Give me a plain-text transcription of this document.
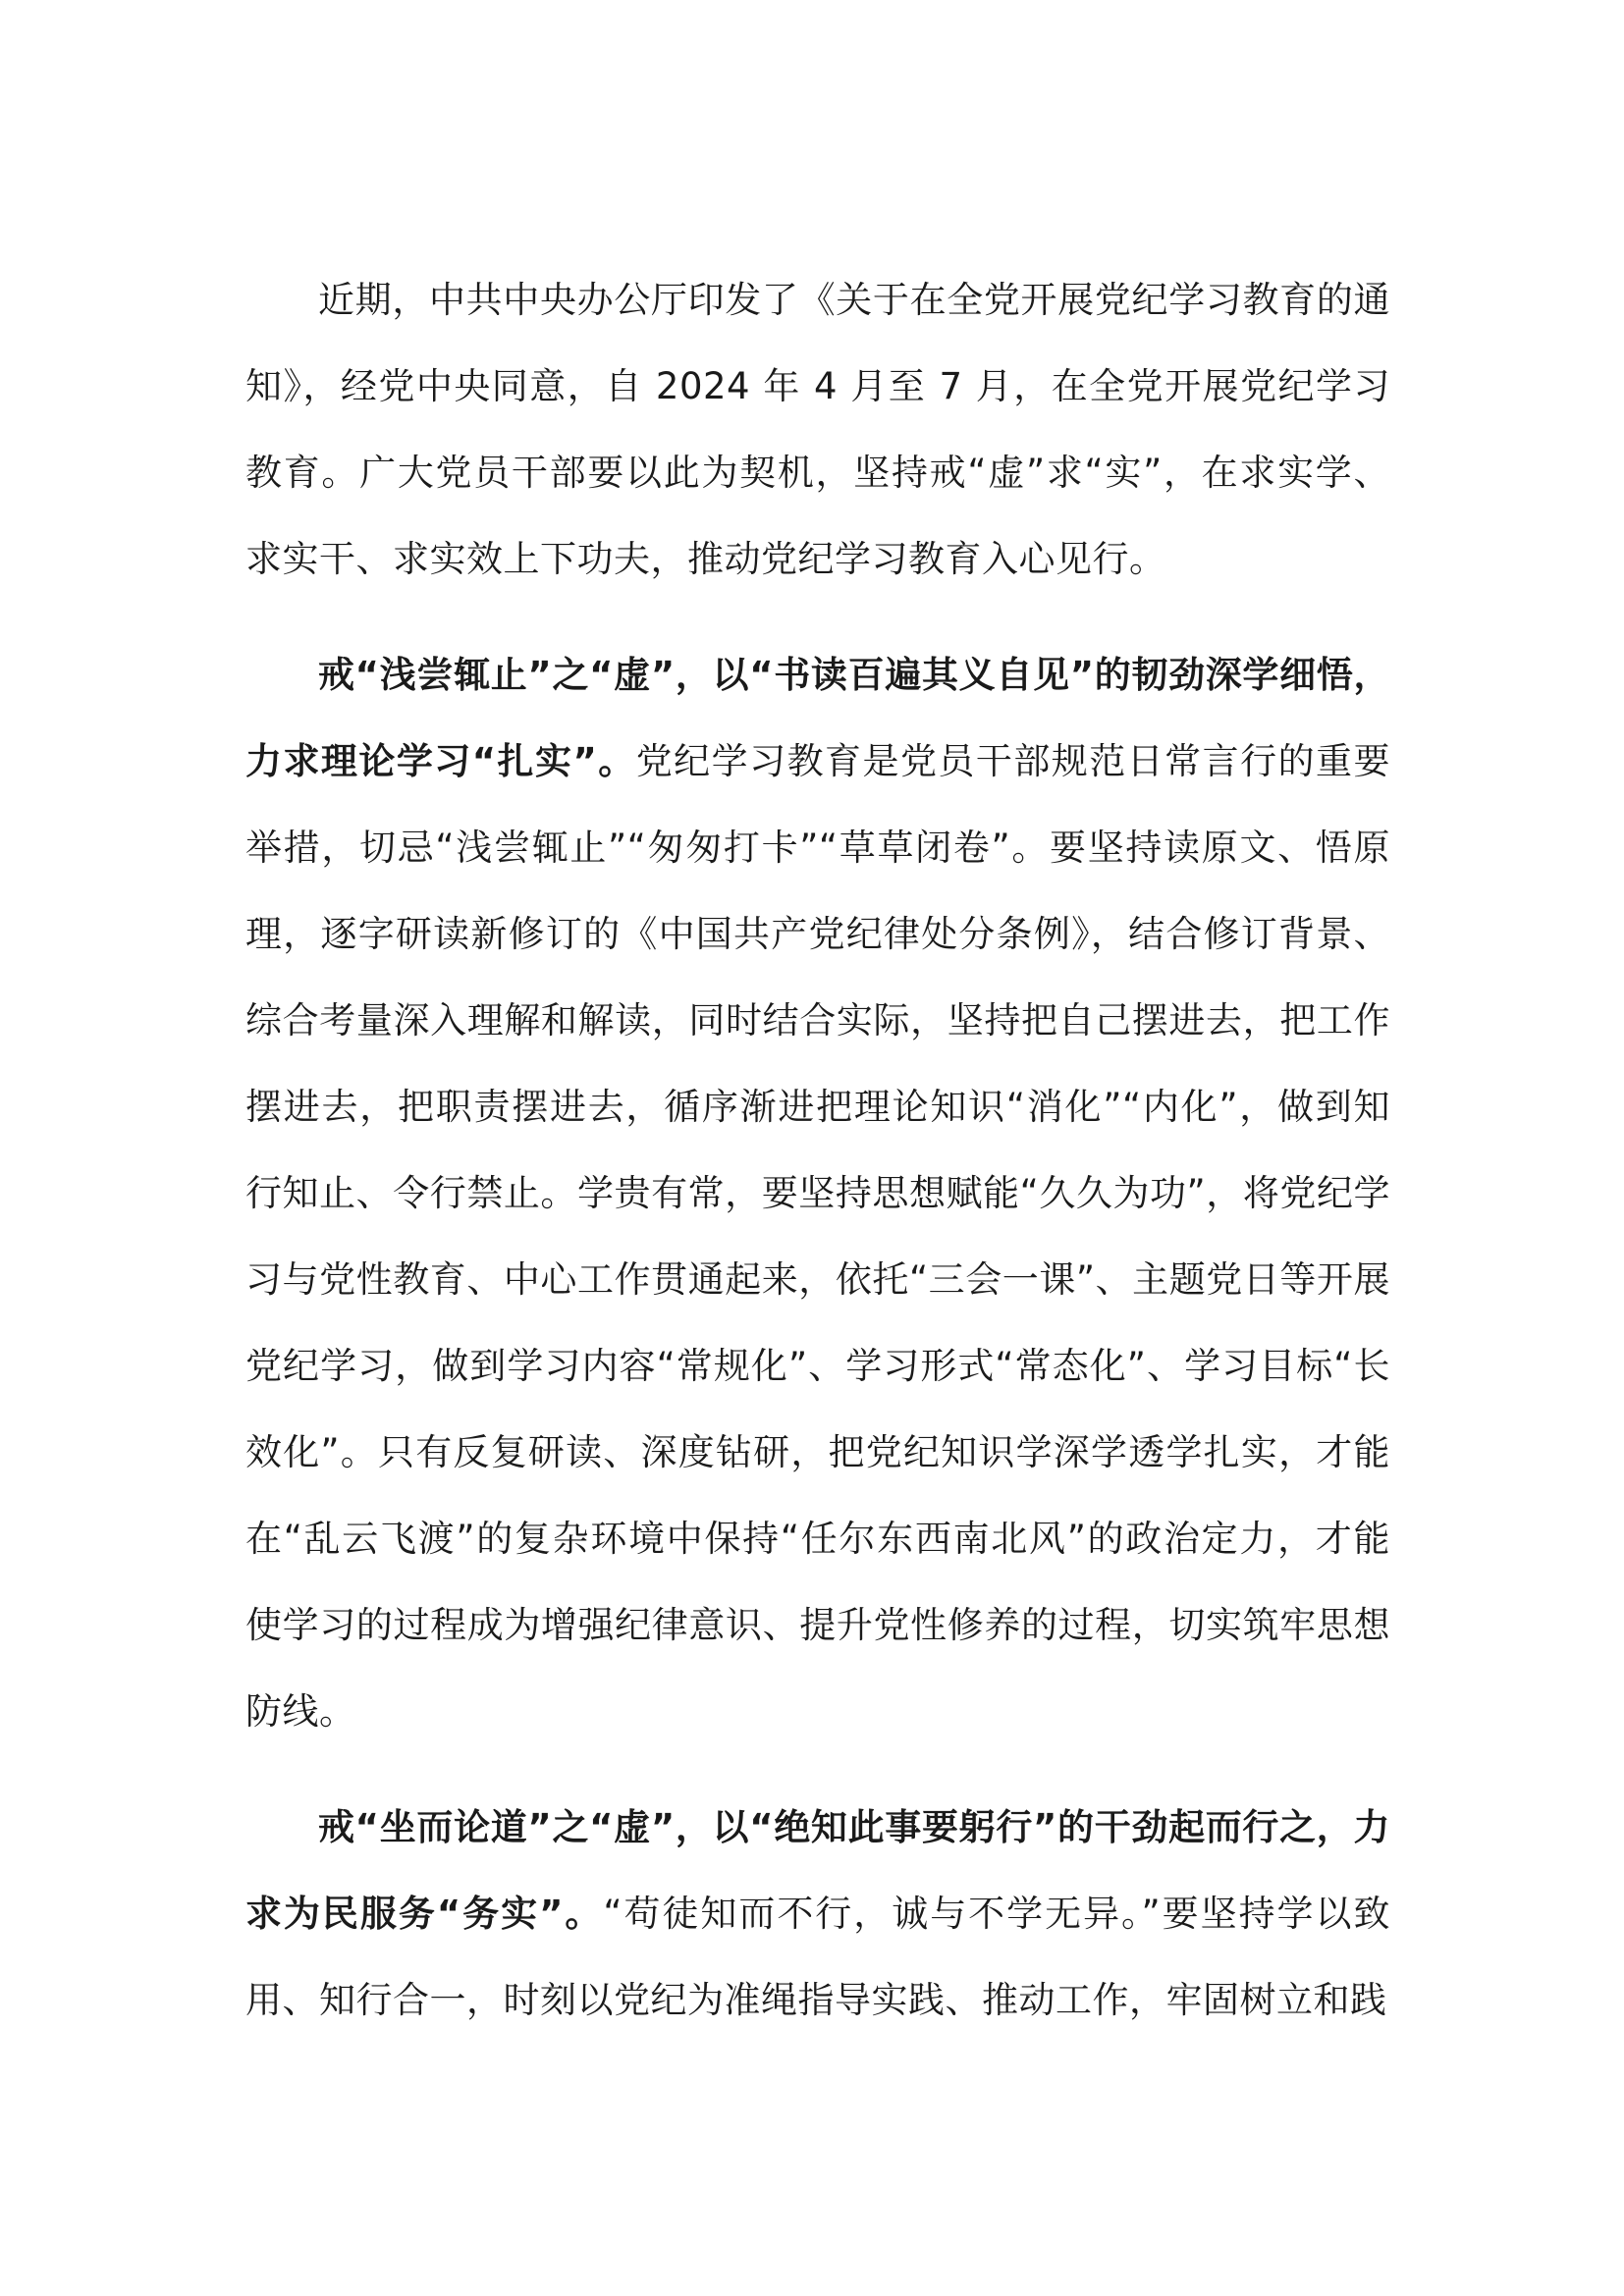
近期，中共中央办公厅印发了《关于在全党开展党纪学习教育的通知》，经党中央同意，自 2024 年 4 月至 7 月，在全党开展党纪学习教育。广大党员干部要以此为契机，坚持戒“虚”求“实”，在求实学、求实干、求实效上下功夫，推动党纪学习教育入心见行。

戒“浅尝辄止”之“虚”，以“书读百遍其义自见”的韧劲深学细悟，力求理论学习“扎实”。党纪学习教育是党员干部规范日常言行的重要举措，切忌“浅尝辄止”“匆匆打卡”“草草闭卷”。要坚持读原文、悟原理，逐字研读新修订的《中国共产党纪律处分条例》，结合修订背景、综合考量深入理解和解读，同时结合实际，坚持把自己摆进去，把工作摆进去，把职责摆进去，循序渐进把理论知识“消化”“内化”，做到知行知止、令行禁止。学贵有常，要坚持思想赋能“久久为功”，将党纪学习与党性教育、中心工作贯通起来，依托“三会一课”、主题党日等开展党纪学习，做到学习内容“常规化”、学习形式“常态化”、学习目标“长效化”。只有反复研读、深度钻研，把党纪知识学深学透学扎实，才能在“乱云飞渡”的复杂环境中保持“任尔东西南北风”的政治定力，才能使学习的过程成为增强纪律意识、提升党性修养的过程，切实筑牢思想防线。

戒“坐而论道”之“虚”，以“绝知此事要躬行”的干劲起而行之，力求为民服务“务实”。“苟徒知而不行，诚与不学无异。”要坚持学以致用、知行合一，时刻以党纪为准绳指导实践、推动工作，牢固树立和践
